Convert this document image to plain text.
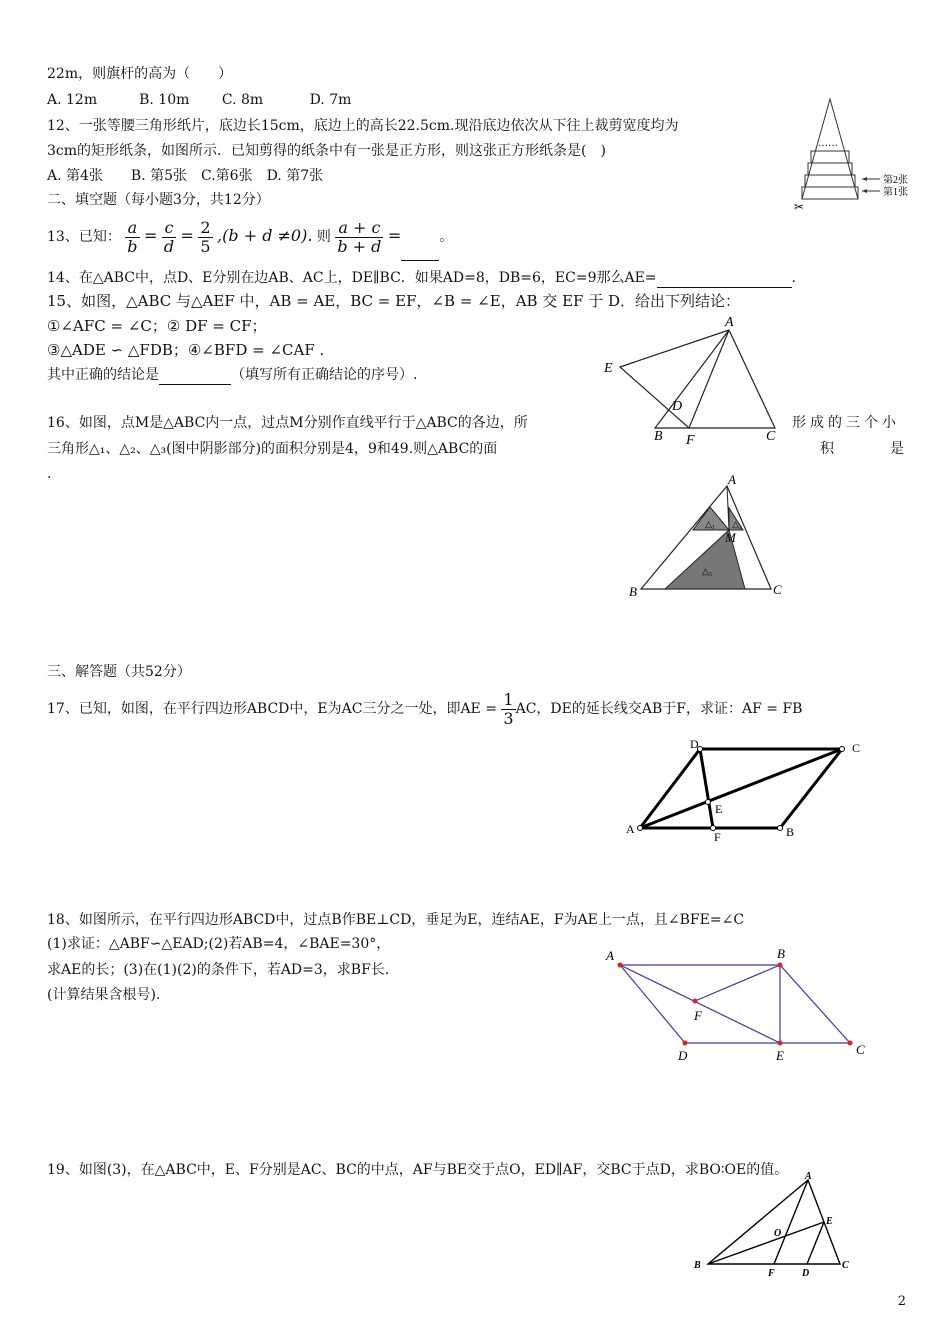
22m，则旗杆的高为（　　）
A. 12m　　　B. 10m　　 C. 8m　　　 D. 7m
12、一张等腰三角形纸片，底边长15cm，底边上的高长22.5cm.现沿底边依次从下往上裁剪宽度均为
3cm的矩形纸条，如图所示．已知剪得的纸条中有一张是正方形，则这张正方形纸条是(　)
A. 第4张　　B. 第5张　C.第6张　D. 第7张
……
第2张
第1张
✂
二、填空题（每小题3分，共12分）
13、已知： $\frac{a}{b} = \frac{c}{d} = \frac{2}{5} ,(b + d \ne 0)$. 则 $\frac{a + c}{b + d}$ =	。
14、在△ABC中，点D、E分别在边AB、AC上，DE∥BC．如果AD=8，DB=6，EC=9那么AE=	.
15、如图，△ABC 与△AEF 中，AB = AE，BC = EF，∠B = ∠E，AB 交 EF 于 D．给出下列结论：
①∠AFC = ∠C；② DF = CF；
③△ADE ∽ △FDB；④∠BFD = ∠CAF .
其中正确的结论是	（填写所有正确结论的序号）.
A
E
D
B F	C
16、如图，点M是△ABC内一点，过点M分别作直线平行于△ABC的各边，所	形成的三个小
三角形△₁、△₂、△₃(图中阴影部分)的面积分别是4，9和49.则△ABC的面	积	是
.	A
B	C
M
△₁ △₂
△₃
三、解答题（共52分）
17、已知，如图，在平行四边形ABCD中，E为AC三分之一处，即AE = $\frac{1}{3}$ AC，DE的延长线交AB于F，求证：AF = FB
A	B
C
D
E
F
18、如图所示，在平行四边形ABCD中，过点B作BE⊥CD，垂足为E，连结AE，F为AE上一点，且∠BFE=∠C
(1)求证：△ABF∽△EAD;(2)若AB=4，∠BAE=30°，
求AE的长；(3)在(1)(2)的条件下，若AD=3，求BF长.
(计算结果含根号).
A	B
C
D	E
F
19、如图(3)，在△ABC中，E、F分别是AC、BC的中点，AF与BE交于点O，ED∥AF，交BC于点D，求BO∶OE的值。 A
B	C
D
E
F
O
2
